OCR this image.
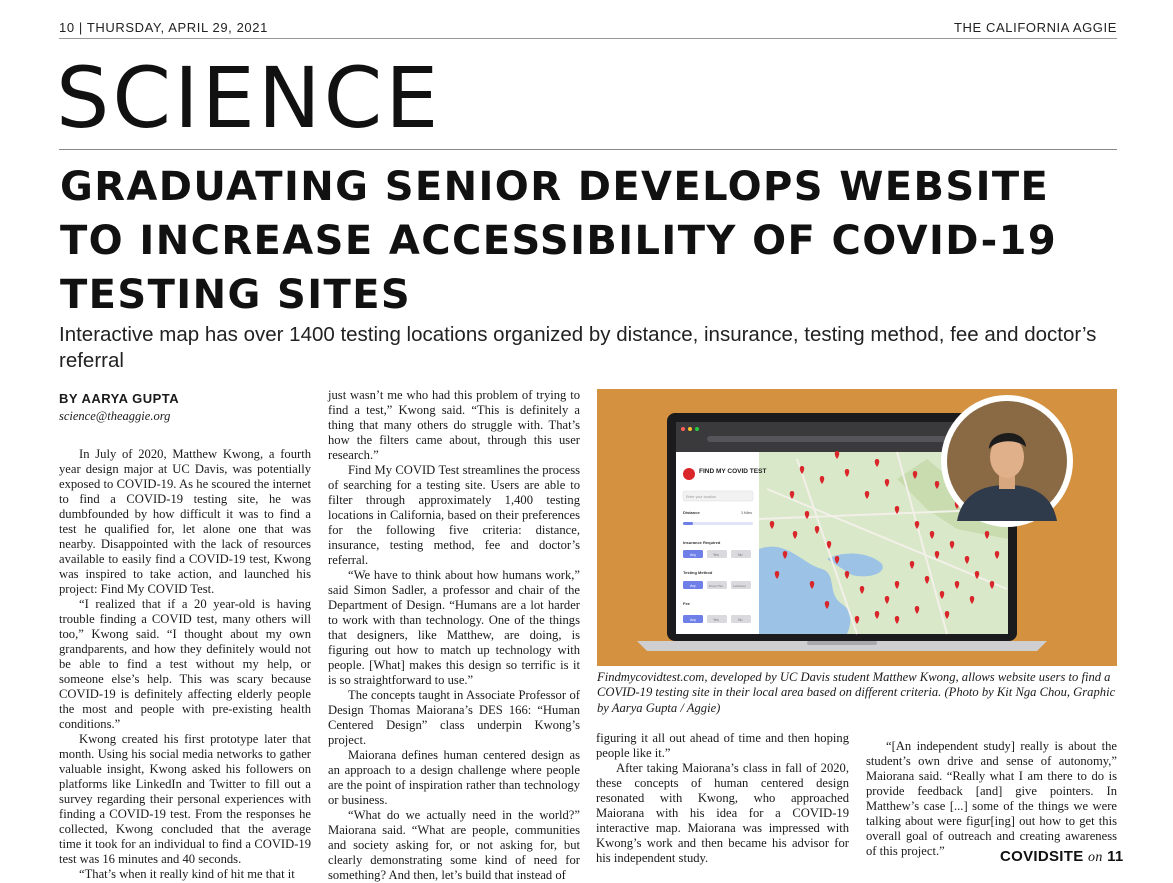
10 | THURSDAY, APRIL 29, 2021	THE CALIFORNIA AGGIE
SCIENCE
GRADUATING SENIOR DEVELOPS WEBSITE
TO INCREASE ACCESSIBILITY OF COVID-19
TESTING SITES

Interactive map has over 1400 testing locations organized by distance, insurance, testing method, fee and doctor’s referral

BY AARYA GUPTA
science@theaggie.org

In July of 2020, Matthew Kwong, a fourth year design major at UC Davis, was potentially exposed to COVID-19. As he scoured the internet to find a COVID-19 testing site, he was dumbfounded by how difficult it was to find a test he qualified for, let alone one that was nearby. Disappointed with the lack of resources available to easily find a COVID-19 test, Kwong was inspired to take action, and launched his project: Find My COVID Test.

“I realized that if a 20 year-old is having trouble finding a COVID test, many others will too,” Kwong said. “I thought about my own grandparents, and how they definitely would not be able to find a test without my help, or someone else’s help. This was scary because COVID-19 is definitely affecting elderly people the most and people with pre-existing health conditions.”

Kwong created his first prototype later that month. Using his social media networks to gather valuable insight, Kwong asked his followers on platforms like LinkedIn and Twitter to fill out a survey regarding their personal experiences with finding a COVID-19 test. From the responses he collected, Kwong concluded that the average time it took for an individual to find a COVID-19 test was 16 minutes and 40 seconds.

“That’s when it really kind of hit me that it

just wasn’t me who had this problem of trying to find a test,” Kwong said. “This is definitely a thing that many others do struggle with. That’s how the filters came about, through this user research.”

Find My COVID Test streamlines the process of searching for a testing site. Users are able to filter through approximately 1,400 testing locations in California, based on their preferences for the following five criteria: distance, insurance, testing method, fee and doctor’s referral.

“We have to think about how humans work,” said Simon Sadler, a professor and chair of the Department of Design. “Humans are a lot harder to work with than technology. One of the things that designers, like Matthew, are doing, is figuring out how to match up technology with people. [What] makes this design so terrific is it is so straightforward to use.”

The concepts taught in Associate Professor of Design Thomas Maiorana’s DES 166: “Human Centered Design” class underpin Kwong’s project.

Maiorana defines human centered design as an approach to a design challenge where people are the point of inspiration rather than technology or business.

“What do we actually need in the world?” Maiorana said. “What are people, communities and society asking for, or not asking for, but clearly demonstrating some kind of need for something? And then, let’s build that instead of

figuring it all out ahead of time and then hoping people like it.”

After taking Maiorana’s class in fall of 2020, these concepts of human centered design resonated with Kwong, who approached Maiorana with his idea for a COVID-19 interactive map. Maiorana was impressed with Kwong’s work and then became his advisor for his independent study.

“[An independent study] really is about the student’s own drive and sense of autonomy,” Maiorana said. “Really what I am there to do is provide feedback [and] give pointers. In Matthew’s case [...] some of the things we were talking about were figur[ing] out how to get this overall goal of outreach and creating awareness of this project.”

FIND MY COVID TEST
Enter your location
Distance	3 Miles
Insurance Required
Any	Yes	No
Testing Method
Any	Drive-Thru	In-Person
Fee
Any	Yes	No
Findmycovidtest.com, developed by UC Davis student Matthew Kwong, allows website users to find a COVID-19 testing site in their local area based on different criteria. (Photo by Kit Nga Chou, Graphic by Aarya Gupta / Aggie)
COVIDSITE on 11
